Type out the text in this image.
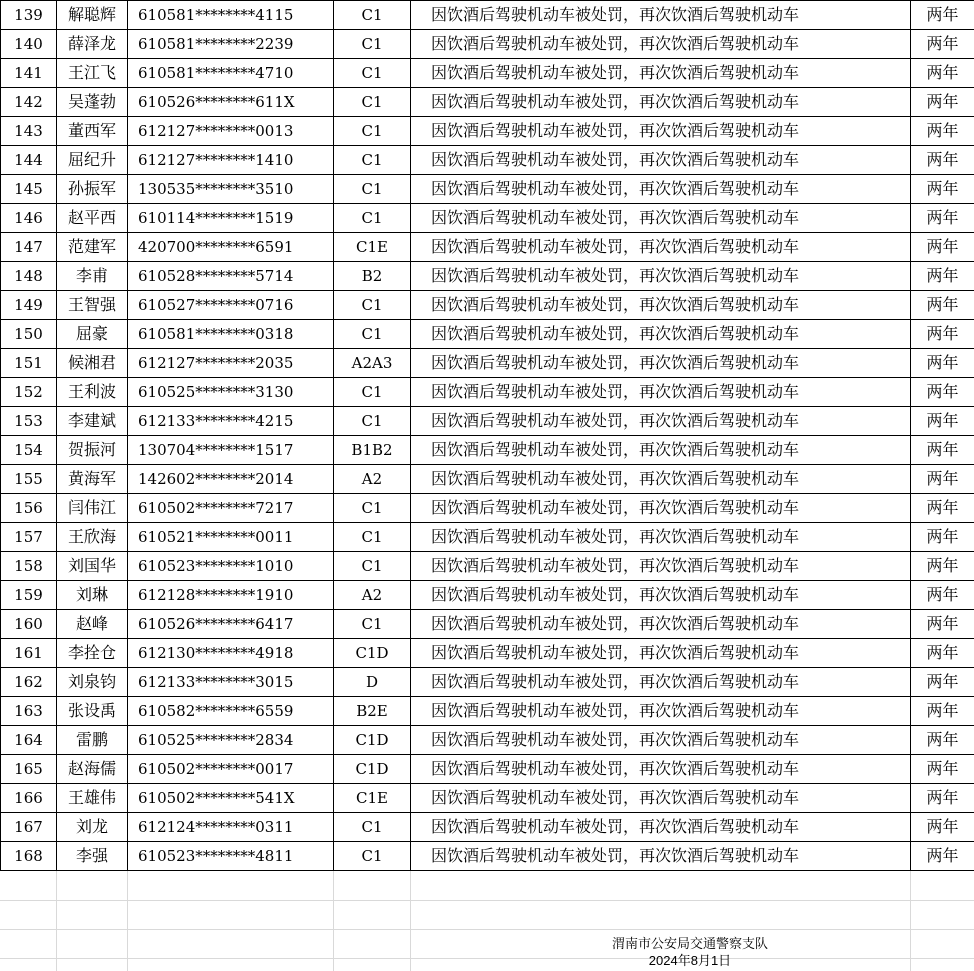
139	解聪辉	610581********4115	C1	因饮酒后驾驶机动车被处罚，再次饮酒后驾驶机动车	两年
140	薛泽龙	610581********2239	C1	因饮酒后驾驶机动车被处罚，再次饮酒后驾驶机动车	两年
141	王江飞	610581********4710	C1	因饮酒后驾驶机动车被处罚，再次饮酒后驾驶机动车	两年
142	吴蓬勃	610526********611X	C1	因饮酒后驾驶机动车被处罚，再次饮酒后驾驶机动车	两年
143	董西军	612127********0013	C1	因饮酒后驾驶机动车被处罚，再次饮酒后驾驶机动车	两年
144	屈纪升	612127********1410	C1	因饮酒后驾驶机动车被处罚，再次饮酒后驾驶机动车	两年
145	孙振军	130535********3510	C1	因饮酒后驾驶机动车被处罚，再次饮酒后驾驶机动车	两年
146	赵平西	610114********1519	C1	因饮酒后驾驶机动车被处罚，再次饮酒后驾驶机动车	两年
147	范建军	420700********6591	C1E	因饮酒后驾驶机动车被处罚，再次饮酒后驾驶机动车	两年
148	李甫	610528********5714	B2	因饮酒后驾驶机动车被处罚，再次饮酒后驾驶机动车	两年
149	王智强	610527********0716	C1	因饮酒后驾驶机动车被处罚，再次饮酒后驾驶机动车	两年
150	屈豪	610581********0318	C1	因饮酒后驾驶机动车被处罚，再次饮酒后驾驶机动车	两年
151	候湘君	612127********2035	A2A3	因饮酒后驾驶机动车被处罚，再次饮酒后驾驶机动车	两年
152	王利波	610525********3130	C1	因饮酒后驾驶机动车被处罚，再次饮酒后驾驶机动车	两年
153	李建斌	612133********4215	C1	因饮酒后驾驶机动车被处罚，再次饮酒后驾驶机动车	两年
154	贺振河	130704********1517	B1B2	因饮酒后驾驶机动车被处罚，再次饮酒后驾驶机动车	两年
155	黄海军	142602********2014	A2	因饮酒后驾驶机动车被处罚，再次饮酒后驾驶机动车	两年
156	闫伟江	610502********7217	C1	因饮酒后驾驶机动车被处罚，再次饮酒后驾驶机动车	两年
157	王欣海	610521********0011	C1	因饮酒后驾驶机动车被处罚，再次饮酒后驾驶机动车	两年
158	刘国华	610523********1010	C1	因饮酒后驾驶机动车被处罚，再次饮酒后驾驶机动车	两年
159	刘琳	612128********1910	A2	因饮酒后驾驶机动车被处罚，再次饮酒后驾驶机动车	两年
160	赵峰	610526********6417	C1	因饮酒后驾驶机动车被处罚，再次饮酒后驾驶机动车	两年
161	李拴仓	612130********4918	C1D	因饮酒后驾驶机动车被处罚，再次饮酒后驾驶机动车	两年
162	刘泉钧	612133********3015	D	因饮酒后驾驶机动车被处罚，再次饮酒后驾驶机动车	两年
163	张设禹	610582********6559	B2E	因饮酒后驾驶机动车被处罚，再次饮酒后驾驶机动车	两年
164	雷鹏	610525********2834	C1D	因饮酒后驾驶机动车被处罚，再次饮酒后驾驶机动车	两年
165	赵海儒	610502********0017	C1D	因饮酒后驾驶机动车被处罚，再次饮酒后驾驶机动车	两年
166	王雄伟	610502********541X	C1E	因饮酒后驾驶机动车被处罚，再次饮酒后驾驶机动车	两年
167	刘龙	612124********0311	C1	因饮酒后驾驶机动车被处罚，再次饮酒后驾驶机动车	两年
168	李强	610523********4811	C1	因饮酒后驾驶机动车被处罚，再次饮酒后驾驶机动车	两年
渭南市公安局交通警察支队
2024年8月1日
